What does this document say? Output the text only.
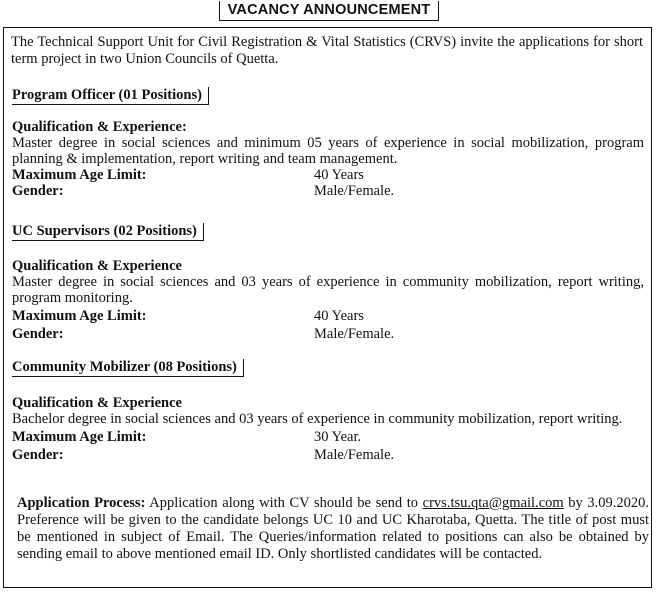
VACANCY ANNOUNCEMENT
The Technical Support Unit for Civil Registration & Vital Statistics (CRVS) invite the applications for short term project in two Union Councils of Quetta.
Program Officer (01 Positions)
Qualification & Experience:
Master degree in social sciences and minimum 05 years of experience in social mobilization, program planning & implementation, report writing and team management.
Maximum Age Limit:	40 Years
Gender:	Male/Female.
UC Supervisors (02 Positions)
Qualification & Experience
Master degree in social sciences and 03 years of experience in community mobilization, report writing, program monitoring.
Maximum Age Limit:	40 Years
Gender:	Male/Female.
Community Mobilizer (08 Positions)
Qualification & Experience
Bachelor degree in social sciences and 03 years of experience in community mobilization, report writing.
Maximum Age Limit:	30 Year.
Gender:	Male/Female.
Application Process: Application along with CV should be send to crvs.tsu.qta@gmail.com by 3.09.2020. Preference will be given to the candidate belongs UC 10 and UC Kharotaba, Quetta. The title of post must be mentioned in subject of Email. The Queries/information related to positions can also be obtained by sending email to above mentioned email ID. Only shortlisted candidates will be contacted.
